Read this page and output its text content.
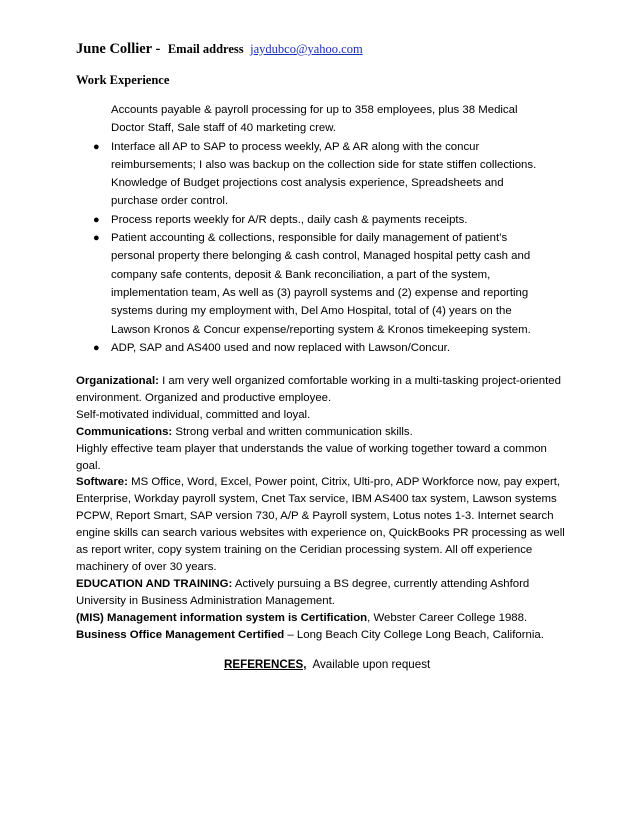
June Collier - Email address jaydubco@yahoo.com
Work Experience

Accounts payable & payroll processing for up to 358 employees, plus 38 Medical Doctor Staff, Sale staff of 40 marketing crew.

● Interface all AP to SAP to process weekly, AP & AR along with the concur reimbursements; I also was backup on the collection side for state stiffen collections. Knowledge of Budget projections cost analysis experience, Spreadsheets and purchase order control.
● Process reports weekly for A/R depts., daily cash & payments receipts.
● Patient accounting & collections, responsible for daily management of patient’s personal property there belonging & cash control, Managed hospital petty cash and company safe contents, deposit & Bank reconciliation, a part of the system, implementation team, As well as (3) payroll systems and (2) expense and reporting systems during my employment with, Del Amo Hospital, total of (4) years on the Lawson Kronos & Concur expense/reporting system & Kronos timekeeping system.
● ADP, SAP and AS400 used and now replaced with Lawson/Concur.

Organizational: I am very well organized comfortable working in a multi-tasking project-oriented environment. Organized and productive employee.

Self-motivated individual, committed and loyal.

Communications: Strong verbal and written communication skills.

Highly effective team player that understands the value of working together toward a common goal.

Software: MS Office, Word, Excel, Power point, Citrix, Ulti-pro, ADP Workforce now, pay expert, Enterprise, Workday payroll system, Cnet Tax service, IBM AS400 tax system, Lawson systems PCPW, Report Smart, SAP version 730, A/P & Payroll system, Lotus notes 1-3. Internet search engine skills can search various websites with experience on, QuickBooks PR processing as well as report writer, copy system training on the Ceridian processing system. All off experience machinery of over 30 years.

EDUCATION AND TRAINING: Actively pursuing a BS degree, currently attending Ashford University in Business Administration Management.

(MIS) Management information system is Certification, Webster Career College 1988.

Business Office Management Certified – Long Beach City College Long Beach, California.

REFERENCES, Available upon request
